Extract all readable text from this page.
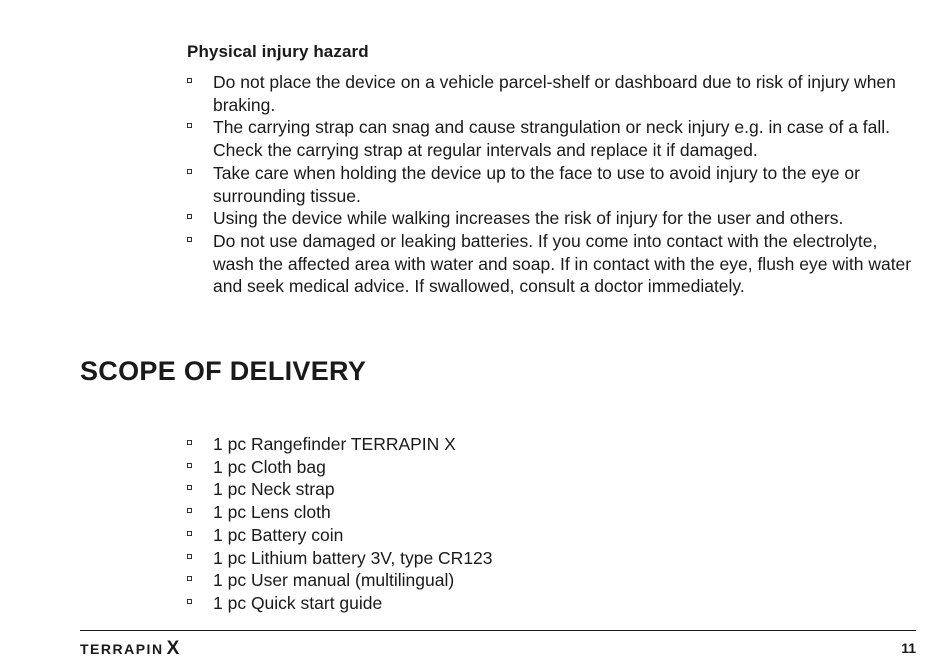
Physical injury hazard
Do not place the device on a vehicle parcel-shelf or dashboard due to risk of injury when braking.
The carrying strap can snag and cause strangulation or neck injury e.g. in case of a fall. Check the carrying strap at regular intervals and replace it if damaged.
Take care when holding the device up to the face to use to avoid injury to the eye or surrounding tissue.
Using the device while walking increases the risk of injury for the user and others.
Do not use damaged or leaking batteries. If you come into contact with the electrolyte, wash the affected area with water and soap. If in contact with the eye, flush eye with water and seek medical advice. If swallowed, consult a doctor immediately.
SCOPE OF DELIVERY
1 pc Rangefinder TERRAPIN X
1 pc Cloth bag
1 pc Neck strap
1 pc Lens cloth
1 pc Battery coin
1 pc Lithium battery 3V, type CR123
1 pc User manual (multilingual)
1 pc Quick start guide
TERRAPIN X	11
